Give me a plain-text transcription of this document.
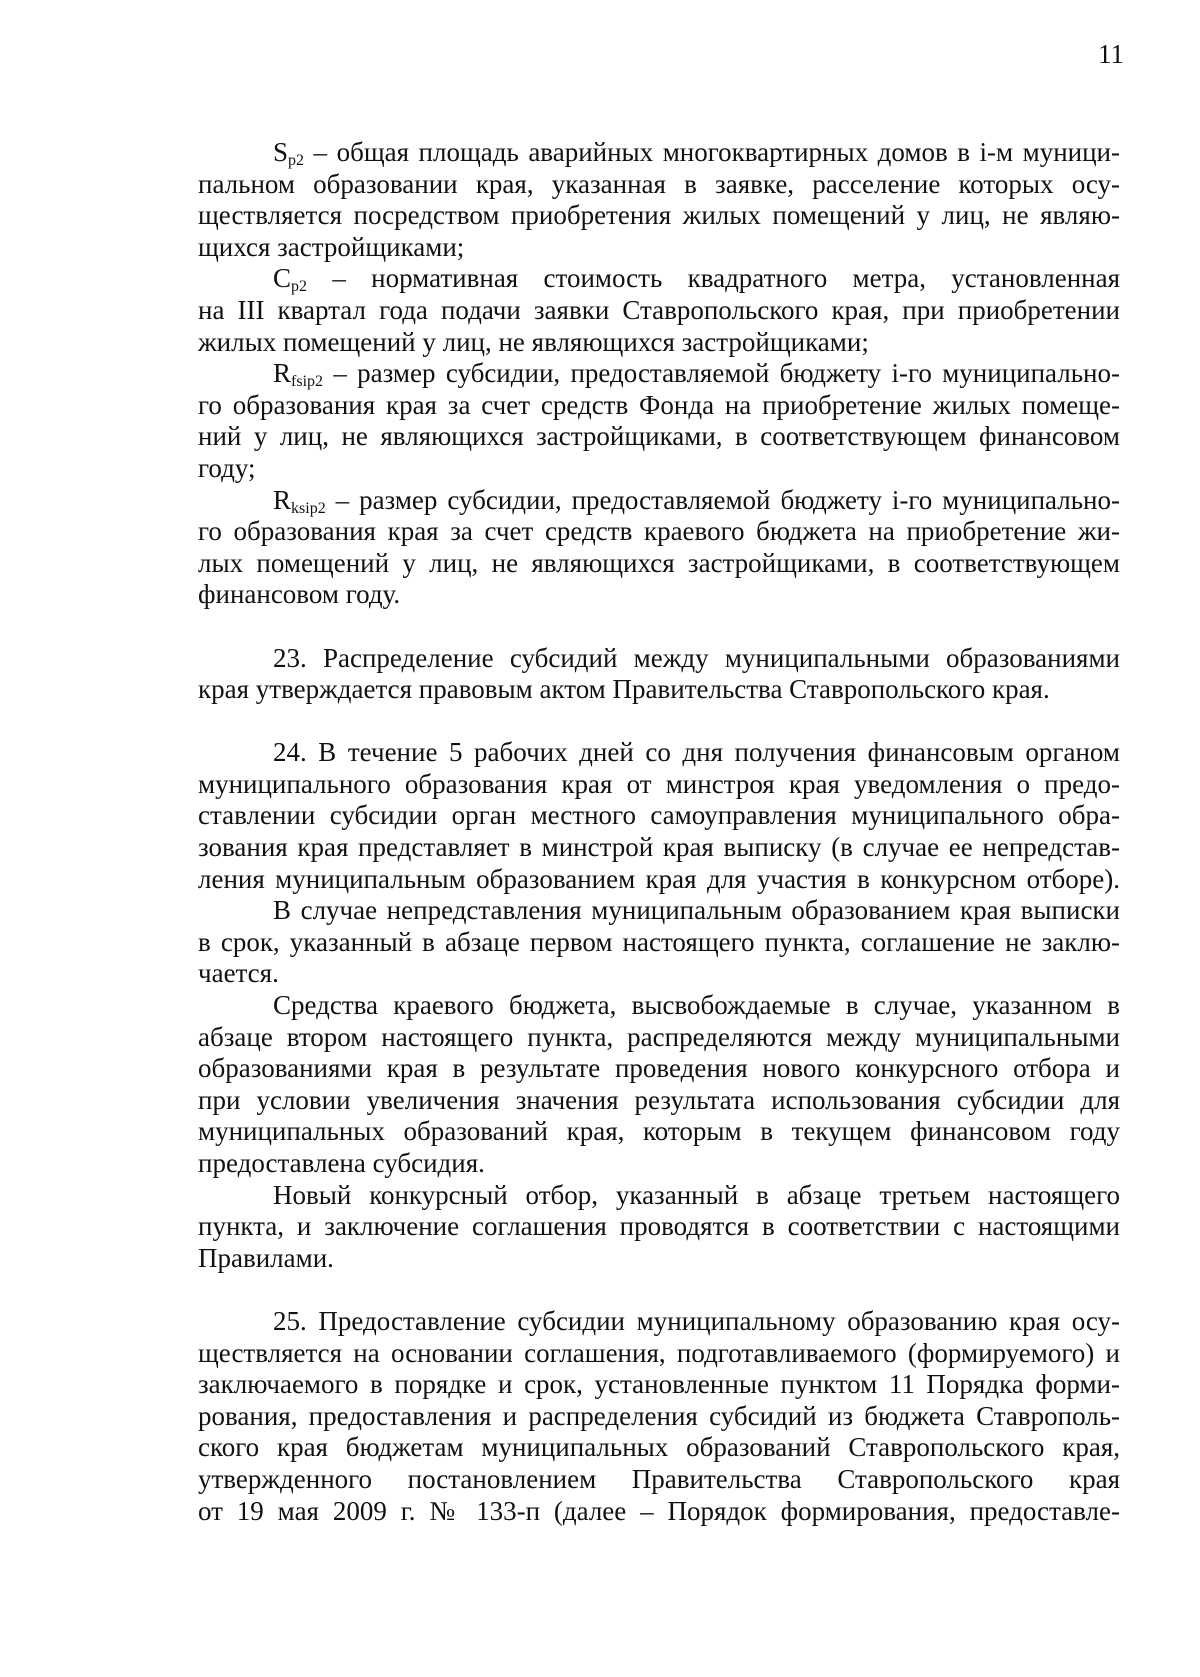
11
$S_{p2}$ – общая площадь аварийных многоквартирных домов в i-м муници-
пальном образовании края, указанная в заявке, расселение которых осу-
ществляется посредством приобретения жилых помещений у лиц, не являю-
щихся застройщиками;
$C_{p2}$ – нормативная стоимость квадратного метра, установленная
на III квартал года подачи заявки Ставропольского края, при приобретении
жилых помещений у лиц, не являющихся застройщиками;
$R_{fsip2}$ – размер субсидии, предоставляемой бюджету i-го муниципально-
го образования края за счет средств Фонда на приобретение жилых помеще-
ний у лиц, не являющихся застройщиками, в соответствующем финансовом
году;
$R_{ksip2}$ – размер субсидии, предоставляемой бюджету i-го муниципально-
го образования края за счет средств краевого бюджета на приобретение жи-
лых помещений у лиц, не являющихся застройщиками, в соответствующем
финансовом году.
23. Распределение субсидий между муниципальными образованиями
края утверждается правовым актом Правительства Ставропольского края.
24. В течение 5 рабочих дней со дня получения финансовым органом
муниципального образования края от минстроя края уведомления о предо-
ставлении субсидии орган местного самоуправления муниципального обра-
зования края представляет в минстрой края выписку (в случае ее непредстав-
ления муниципальным образованием края для участия в конкурсном отборе).
В случае непредставления муниципальным образованием края выписки
в срок, указанный в абзаце первом настоящего пункта, соглашение не заклю-
чается.
Средства краевого бюджета, высвобождаемые в случае, указанном в
абзаце втором настоящего пункта, распределяются между муниципальными
образованиями края в результате проведения нового конкурсного отбора и
при условии увеличения значения результата использования субсидии для
муниципальных образований края, которым в текущем финансовом году
предоставлена субсидия.
Новый конкурсный отбор, указанный в абзаце третьем настоящего
пункта, и заключение соглашения проводятся в соответствии с настоящими
Правилами.
25. Предоставление субсидии муниципальному образованию края осу-
ществляется на основании соглашения, подготавливаемого (формируемого) и
заключаемого в порядке и срок, установленные пунктом 11 Порядка форми-
рования, предоставления и распределения субсидий из бюджета Ставрополь-
ского края бюджетам муниципальных образований Ставропольского края,
утвержденного постановлением Правительства Ставропольского края
от 19 мая 2009 г. № 133-п (далее – Порядок формирования, предоставле-
